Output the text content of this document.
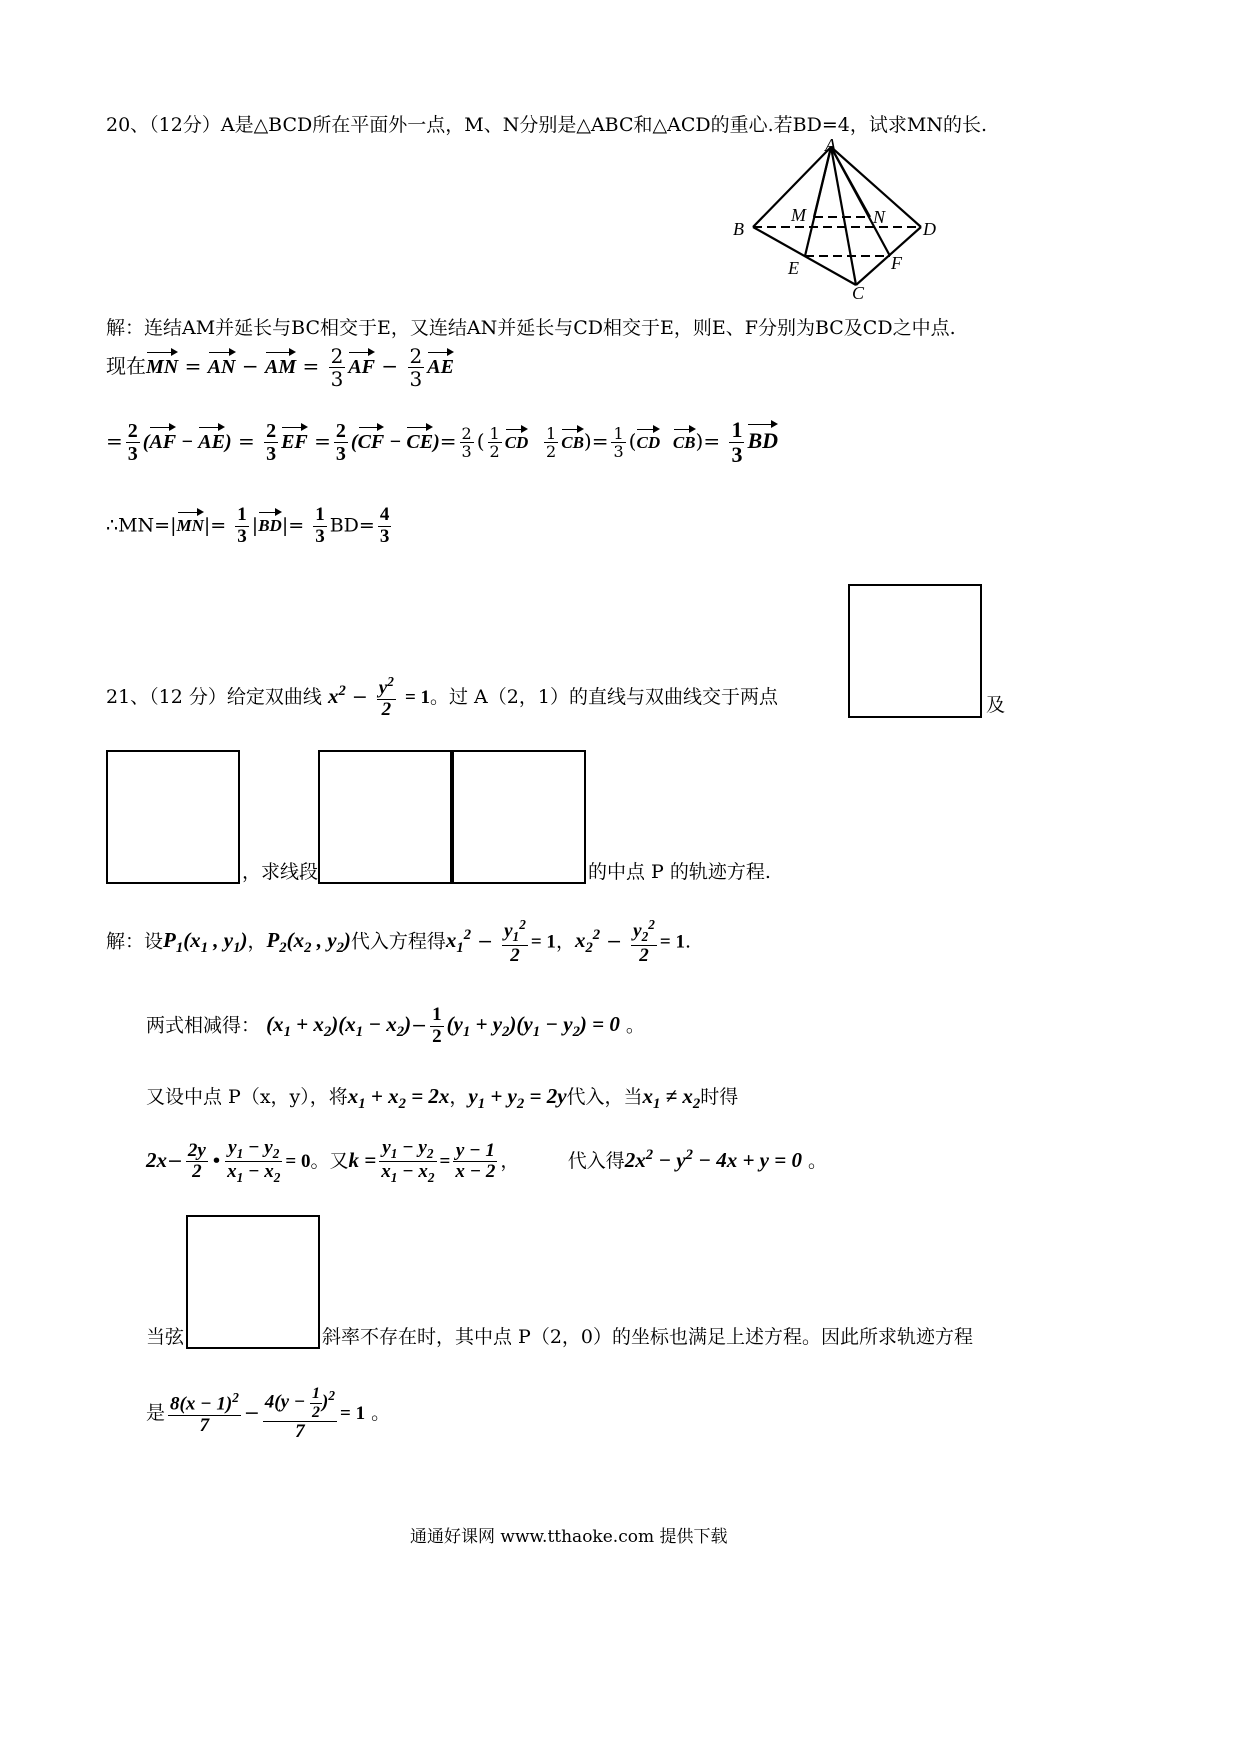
20、（12分）A是△BCD所在平面外一点，M、N分别是△ABC和△ACD的重心.若BD=4，试求MN的长.
A
B
C
D
M	N
E	F
解：连结AM并延长与BC相交于E，又连结AN并延长与CD相交于E，则E、F分别为BC及CD之中点.
现在MN = AN − AM = $\frac{2}{3}$ AF − $\frac{2}{3}$ AE
= $\frac{2}{3} (AF - AE) = \frac{2}{3}$ EF = $\frac{2}{3} (CF - CE)= \frac{2}{3}$ ( $\frac{1}{2}$ CD $\frac{1}{2} CB)= \frac{1}{3} (CD$ $CB)= \frac{1}{3}$ BD
∴MN=|MN|= $\frac{1}{3} |BD|= \frac{1}{3} BD= \frac{4}{3}$
21、（12 分）给定双曲线 $x^2 - \frac{y^2}{2} = 1$。过 A（2，1）的直线与双曲线交于两点	及
，求线段	的中点 P 的轨迹方程.
解：设$P_1(x_1$ , $y_1$)，$P_2(x_2$ , $y_2$)代入方程得$x_1^2 - \frac{y_1^2}{2} = 1$，$x_2^2 - \frac{y_2^2}{2} = 1$.
两式相减得： $(x_1 + x_2)(x_1 - x_2)- \frac{1}{2} (y_1 + y_2)(y_1 - y_2) = 0$ 。
又设中点 P（x，y），将$x_1 + x_2 = 2x$，$y_1 + y_2 = 2y$代入，当$x_1 \ne x_2$时得
$2x- \frac{2y}{2}$ • $\frac{y_1 - y_2}{x_1 - x_2} = 0$。又$k = \frac{y_1 - y_2}{x_1 - x_2} = \frac{y - 1}{x - 2}$ ，        代入得$2x^2 - y^2 - 4x + y = 0$ 。
当弦	斜率不存在时，其中点 P（2，0）的坐标也满足上述方程。因此所求轨迹方程
是 $\frac{8(x - 1)^2}{7} - \frac{4(y - \frac{1}{2} )^2}{7} = 1$ 。
通通好课网 www.tthaoke.com 提供下载
